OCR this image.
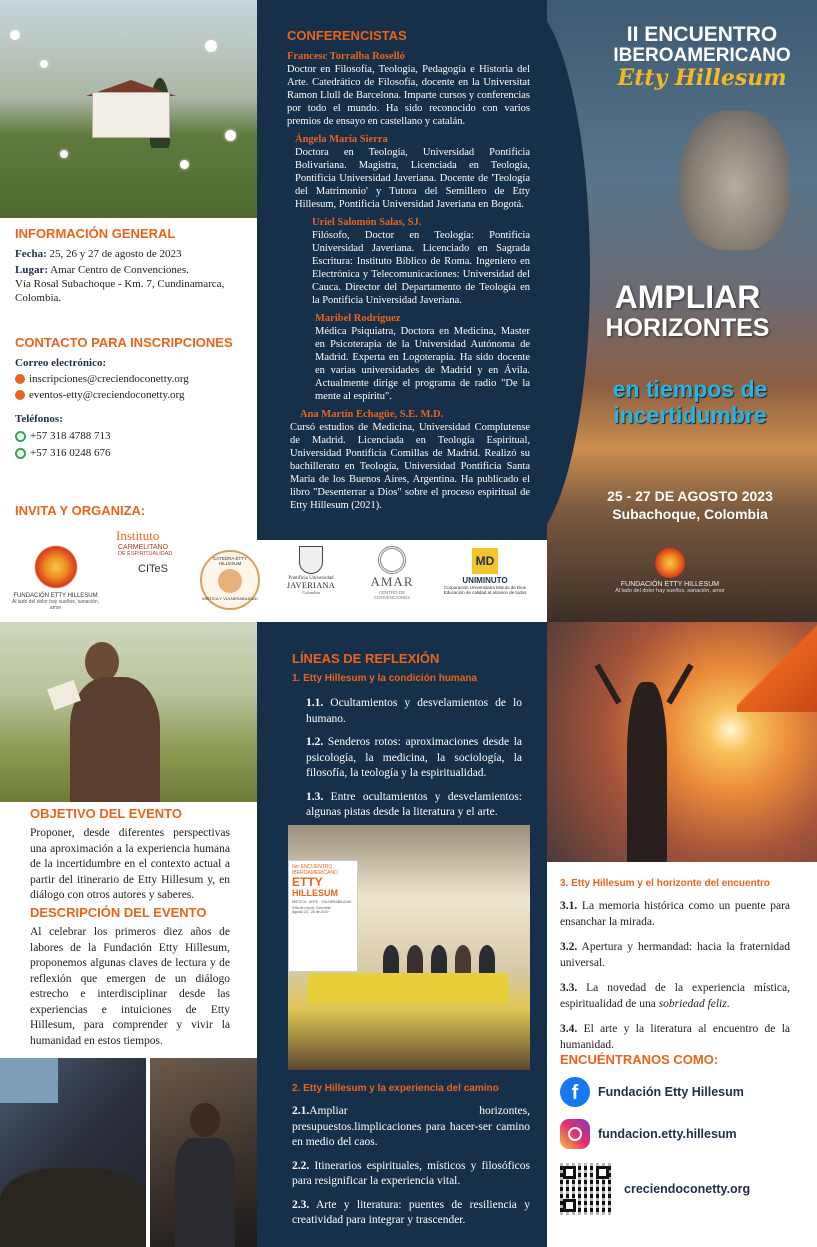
INFORMACIÓN GENERAL
Fecha: 25, 26 y 27 de agosto de 2023
Lugar: Amar Centro de Convenciones.
Vía Rosal Subachoque - Km. 7, Cundinamarca,
Colombia.
CONTACTO PARA INSCRIPCIONES
Correo electrónico:
inscripciones@creciendoconetty.org
eventos-etty@creciendoconetty.org
Teléfonos:
+57 318 4788 713
+57 316 0248 676
INVITA Y ORGANIZA:
CONFERENCISTAS
Francesc Torralba Roselló
Doctor en Filosofía, Teología, Pedagogía e Historia del Arte. Catedrático de Filosofía, docente en la Universitat Ramon Llull de Barcelona. Imparte cursos y conferencias por todo el mundo. Ha sido reconocido con varios premios de ensayo en castellano y catalán.
Ángela María Sierra
Doctora en Teología, Universidad Pontificia Bolivariana. Magistra, Licenciada en Teología, Pontificia Universidad Javeriana. Docente de 'Teología del Matrimonio' y Tutora del Semillero de Etty Hillesum, Pontificia Universidad Javeriana en Bogotá.
Uriel Salomón Salas, SJ.
Filósofo, Doctor en Teología: Pontificia Universidad Javeriana. Licenciado en Sagrada Escritura: Instituto Bíblico de Roma. Ingeniero en Electrónica y Telecomunicaciones: Universidad del Cauca. Director del Departamento de Teología en la Pontificia Universidad Javeriana.
Maribel Rodríguez
Médica Psiquiatra, Doctora en Medicina, Master en Psicoterapia de la Universidad Autónoma de Madrid. Experta en Logoterapia. Ha sido docente en varias universidades de Madrid y en Ávila. Actualmente dirige el programa de radio "De la mente al espíritu".
Ana Martín Echagüe, S.E. M.D.
Cursó estudios de Medicina, Universidad Complutense de Madrid. Licenciada en Teología Espiritual, Universidad Pontificia Comillas de Madrid. Realizó su bachillerato en Teología, Universidad Pontificia Santa María de los Buenos Aires, Argentina. Ha publicado el libro "Desenterrar a Dios" sobre el proceso espiritual de Etty Hillesum (2021).
FUNDACIÓN ETTY HILLESUM
Al lado del dolor hay sueños, sanación, amor
Instituto
CARMELITANO
DE ESPIRITUALIDAD
CITeS
CÁTEDRA ETTY HILLESUM
MÍSTICA Y VULNERABILIDAD
Pontificia Universidad
JAVERIANA
Colombia
AMAR
CENTRO DE CONVENCIONES
MD
UNIMINUTO
Corporación Universitaria Minuto de Dios
Educación de calidad al alcance de todos
II ENCUENTRO
IBEROAMERICANO
Etty Hillesum
AMPLIAR
HORIZONTES
en tiempos de
incertidumbre
25 - 27 DE AGOSTO 2023
Subachoque, Colombia
FUNDACIÓN ETTY HILLESUM
Al lado del dolor hay sueños, sanación, amor
OBJETIVO DEL EVENTO
Proponer, desde diferentes perspectivas una aproximación a la experiencia humana de la incertidumbre en el contexto actual a partir del itinerario de Etty Hillesum y, en diálogo con otros autores y saberes.
DESCRIPCIÓN DEL EVENTO
Al celebrar los primeros diez años de labores de la Fundación Etty Hillesum, proponemos algunas claves de lectura y de reflexión que emergen de un diálogo estrecho e interdisciplinar desde las experiencias e intuiciones de Etty Hillesum, para comprender y vivir la humanidad en estos tiempos.
LÍNEAS DE REFLEXIÓN
1. Etty Hillesum y la condición humana
1.1. Ocultamientos y desvelamientos de lo humano.
1.2. Senderos rotos: aproximaciones desde la psicología, la medicina, la sociología, la filosofía, la teología y la espiritualidad.
1.3. Entre ocultamientos y desvelamientos: algunas pistas desde la literatura y el arte.
IIer ENCUENTRO
IBEROAMERICANO
ETTY
HILLESUM
MÍSTICA · ARTE · VULNERABILIDAD
Villa de Leyva, Colombia
Agosto 23 - 25 de 2019
2. Etty Hillesum y la experiencia del camino
2.1.Ampliar horizontes, presupuestos.limplicaciones para hacer-ser camino en medio del caos.
2.2. Itinerarios espirituales, místicos y filosóficos para resignificar la experiencia vital.
2.3. Arte y literatura: puentes de resiliencia y creatividad para integrar y trascender.
3. Etty Hillesum y el horizonte del encuentro
3.1. La memoria histórica como un puente para ensanchar la mirada.
3.2. Apertura y hermandad: hacia la fraternidad universal.
3.3. La novedad de la experiencia mística, espiritualidad de una sobriedad feliz.
3.4. El arte y la literatura al encuentro de la humanidad.
ENCUÉNTRANOS COMO:
f	Fundación Etty Hillesum
fundacion.etty.hillesum
creciendoconetty.org
